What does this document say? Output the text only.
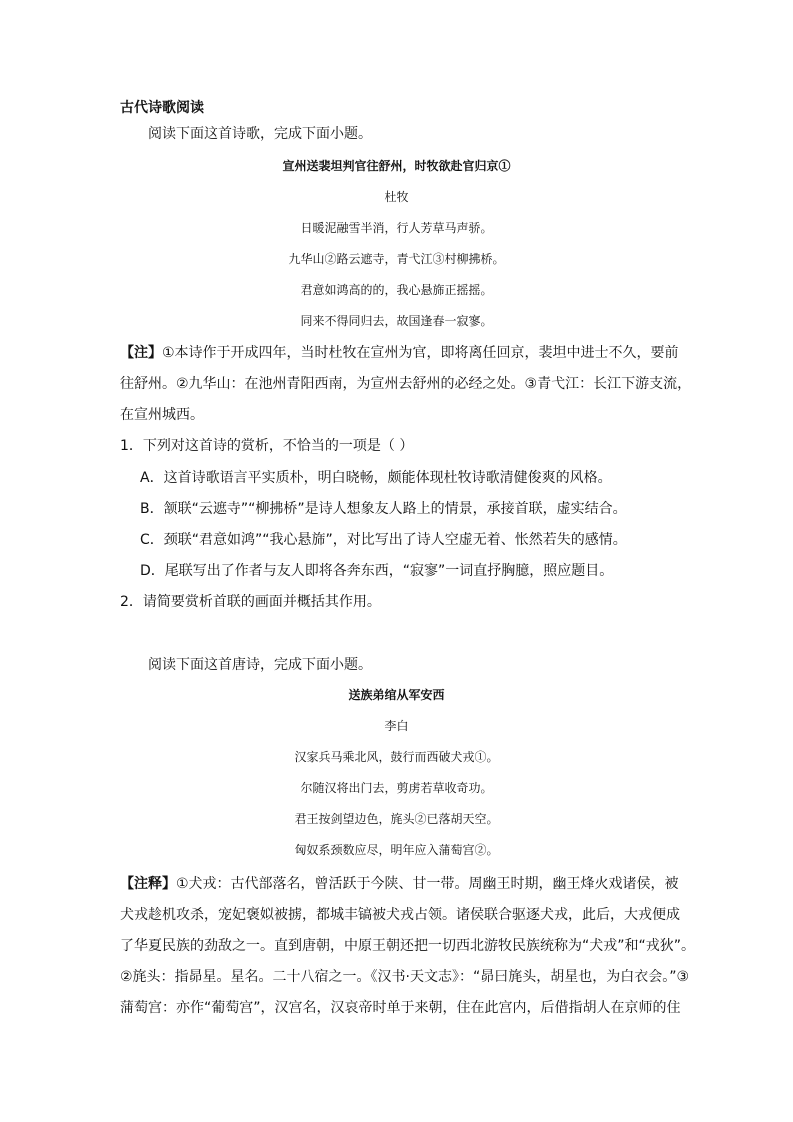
古代诗歌阅读
阅读下面这首诗歌，完成下面小题。
宣州送裴坦判官往舒州，时牧欲赴官归京①
杜牧
日暖泥融雪半消，行人芳草马声骄。
九华山②路云遮寺，青弋江③村柳拂桥。
君意如鸿高的的，我心悬旆正摇摇。
同来不得同归去，故国逢春一寂寥。
【注】①本诗作于开成四年，当时杜牧在宣州为官，即将离任回京，裴坦中进士不久，要前
往舒州。②九华山：在池州青阳西南，为宣州去舒州的必经之处。③青弋江：长江下游支流，
在宣州城西。
1．下列对这首诗的赏析，不恰当的一项是（ ）
A．这首诗歌语言平实质朴，明白晓畅，颇能体现杜牧诗歌清健俊爽的风格。
B．颔联“云遮寺”“柳拂桥”是诗人想象友人路上的情景，承接首联，虚实结合。
C．颈联“君意如鸿”“我心悬旆”，对比写出了诗人空虚无着、怅然若失的感情。
D．尾联写出了作者与友人即将各奔东西，“寂寥”一词直抒胸臆，照应题目。
2．请简要赏析首联的画面并概括其作用。
阅读下面这首唐诗，完成下面小题。
送族弟绾从军安西
李白
汉家兵马乘北风，鼓行而西破犬戎①。
尔随汉将出门去，剪虏若草收奇功。
君王按剑望边色，旄头②已落胡天空。
匈奴系颈数应尽，明年应入蒲萄宫②。
【注释】①犬戎：古代部落名，曾活跃于今陕、甘一带。周幽王时期，幽王烽火戏诸侯，被
犬戎趁机攻杀，宠妃褒姒被掳，都城丰镐被犬戎占领。诸侯联合驱逐犬戎，此后，大戎便成
了华夏民族的劲敌之一。直到唐朝，中原王朝还把一切西北游牧民族统称为“犬戎”和“戎狄”。
②旄头：指昴星。星名。二十八宿之一。《汉书·天文志》：“昴曰旄头，胡星也，为白衣会。”③
蒲萄宫：亦作“葡萄宫”，汉宫名，汉哀帝时单于来朝，住在此宫内，后借指胡人在京师的住
